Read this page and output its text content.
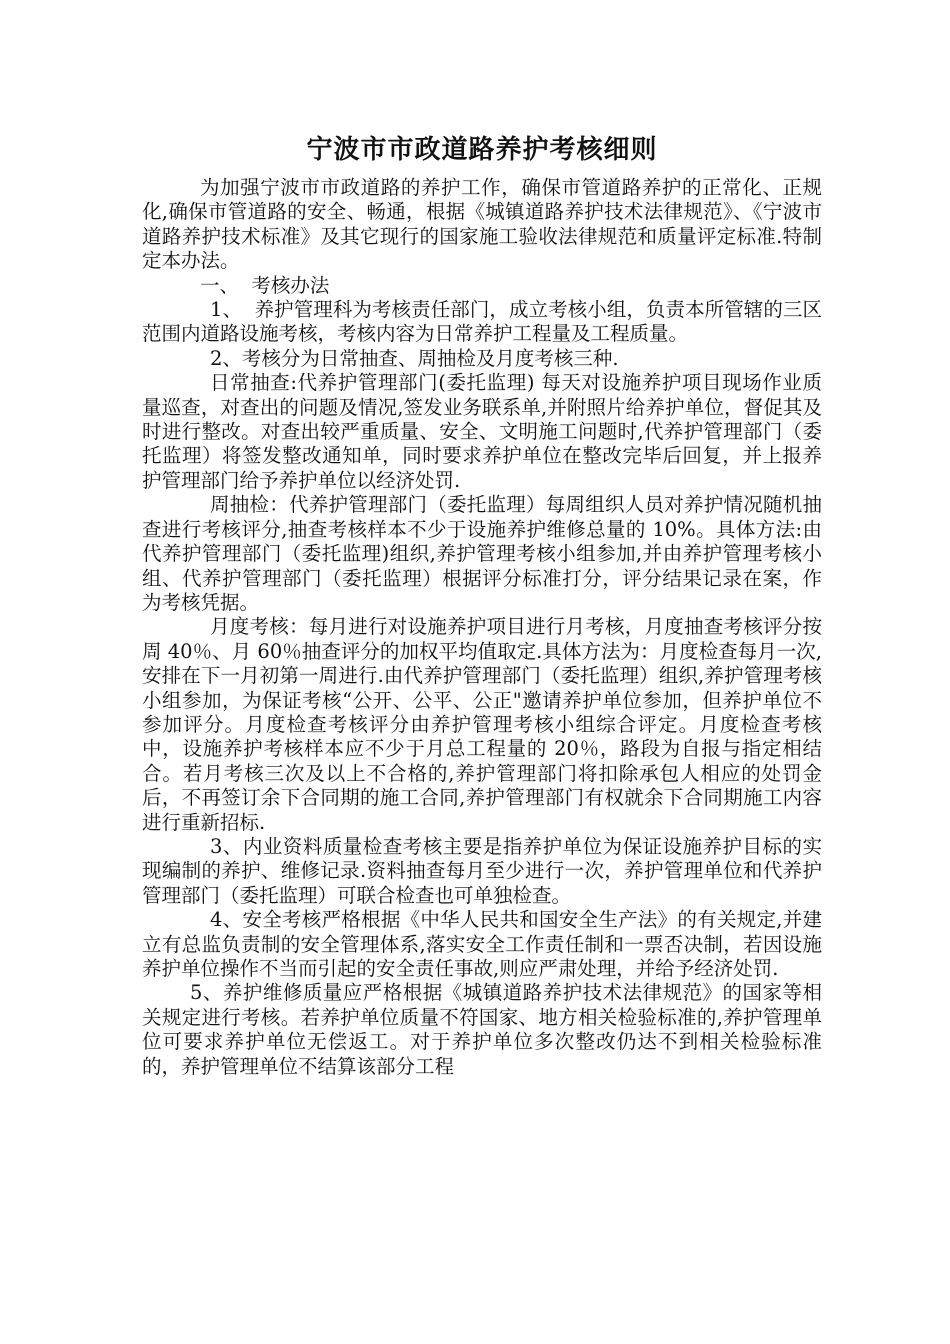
宁波市市政道路养护考核细则

为加强宁波市市政道路的养护工作，确保市管道路养护的正常化、正规化,确保市管道路的安全、畅通，根据《城镇道路养护技术法律规范》、《宁波市道路养护技术标准》及其它现行的国家施工验收法律规范和质量评定标准.特制定本办法。

一、  考核办法

1、  养护管理科为考核责任部门，成立考核小组，负责本所管辖的三区范围内道路设施考核，考核内容为日常养护工程量及工程质量。

2、考核分为日常抽查、周抽检及月度考核三种.

日常抽查:代养护管理部门(委托监理) 每天对设施养护项目现场作业质量巡查，对查出的问题及情况,签发业务联系单,并附照片给养护单位，督促其及时进行整改。对查出较严重质量、安全、文明施工问题时,代养护管理部门（委托监理）将签发整改通知单，同时要求养护单位在整改完毕后回复，并上报养护管理部门给予养护单位以经济处罚.

周抽检：代养护管理部门（委托监理）每周组织人员对养护情况随机抽查进行考核评分,抽查考核样本不少于设施养护维修总量的 10%。具体方法:由代养护管理部门（委托监理)组织,养护管理考核小组参加,并由养护管理考核小组、代养护管理部门（委托监理）根据评分标准打分，评分结果记录在案，作为考核凭据。

月度考核：每月进行对设施养护项目进行月考核，月度抽查考核评分按周 40％、月 60％抽查评分的加权平均值取定.具体方法为：月度检查每月一次,安排在下一月初第一周进行.由代养护管理部门（委托监理）组织,养护管理考核小组参加，为保证考核“公开、公平、公正"邀请养护单位参加，但养护单位不参加评分。月度检查考核评分由养护管理考核小组综合评定。月度检查考核中，设施养护考核样本应不少于月总工程量的 20％，路段为自报与指定相结合。若月考核三次及以上不合格的,养护管理部门将扣除承包人相应的处罚金后，不再签订余下合同期的施工合同,养护管理部门有权就余下合同期施工内容进行重新招标.

3、内业资料质量检查考核主要是指养护单位为保证设施养护目标的实现编制的养护、维修记录.资料抽查每月至少进行一次，养护管理单位和代养护管理部门（委托监理）可联合检查也可单独检查。

4、安全考核严格根据《中华人民共和国安全生产法》的有关规定,并建立有总监负责制的安全管理体系,落实安全工作责任制和一票否决制，若因设施养护单位操作不当而引起的安全责任事故,则应严肃处理，并给予经济处罚.

5、养护维修质量应严格根据《城镇道路养护技术法律规范》的国家等相关规定进行考核。若养护单位质量不符国家、地方相关检验标准的,养护管理单位可要求养护单位无偿返工。对于养护单位多次整改仍达不到相关检验标准的，养护管理单位不结算该部分工程
